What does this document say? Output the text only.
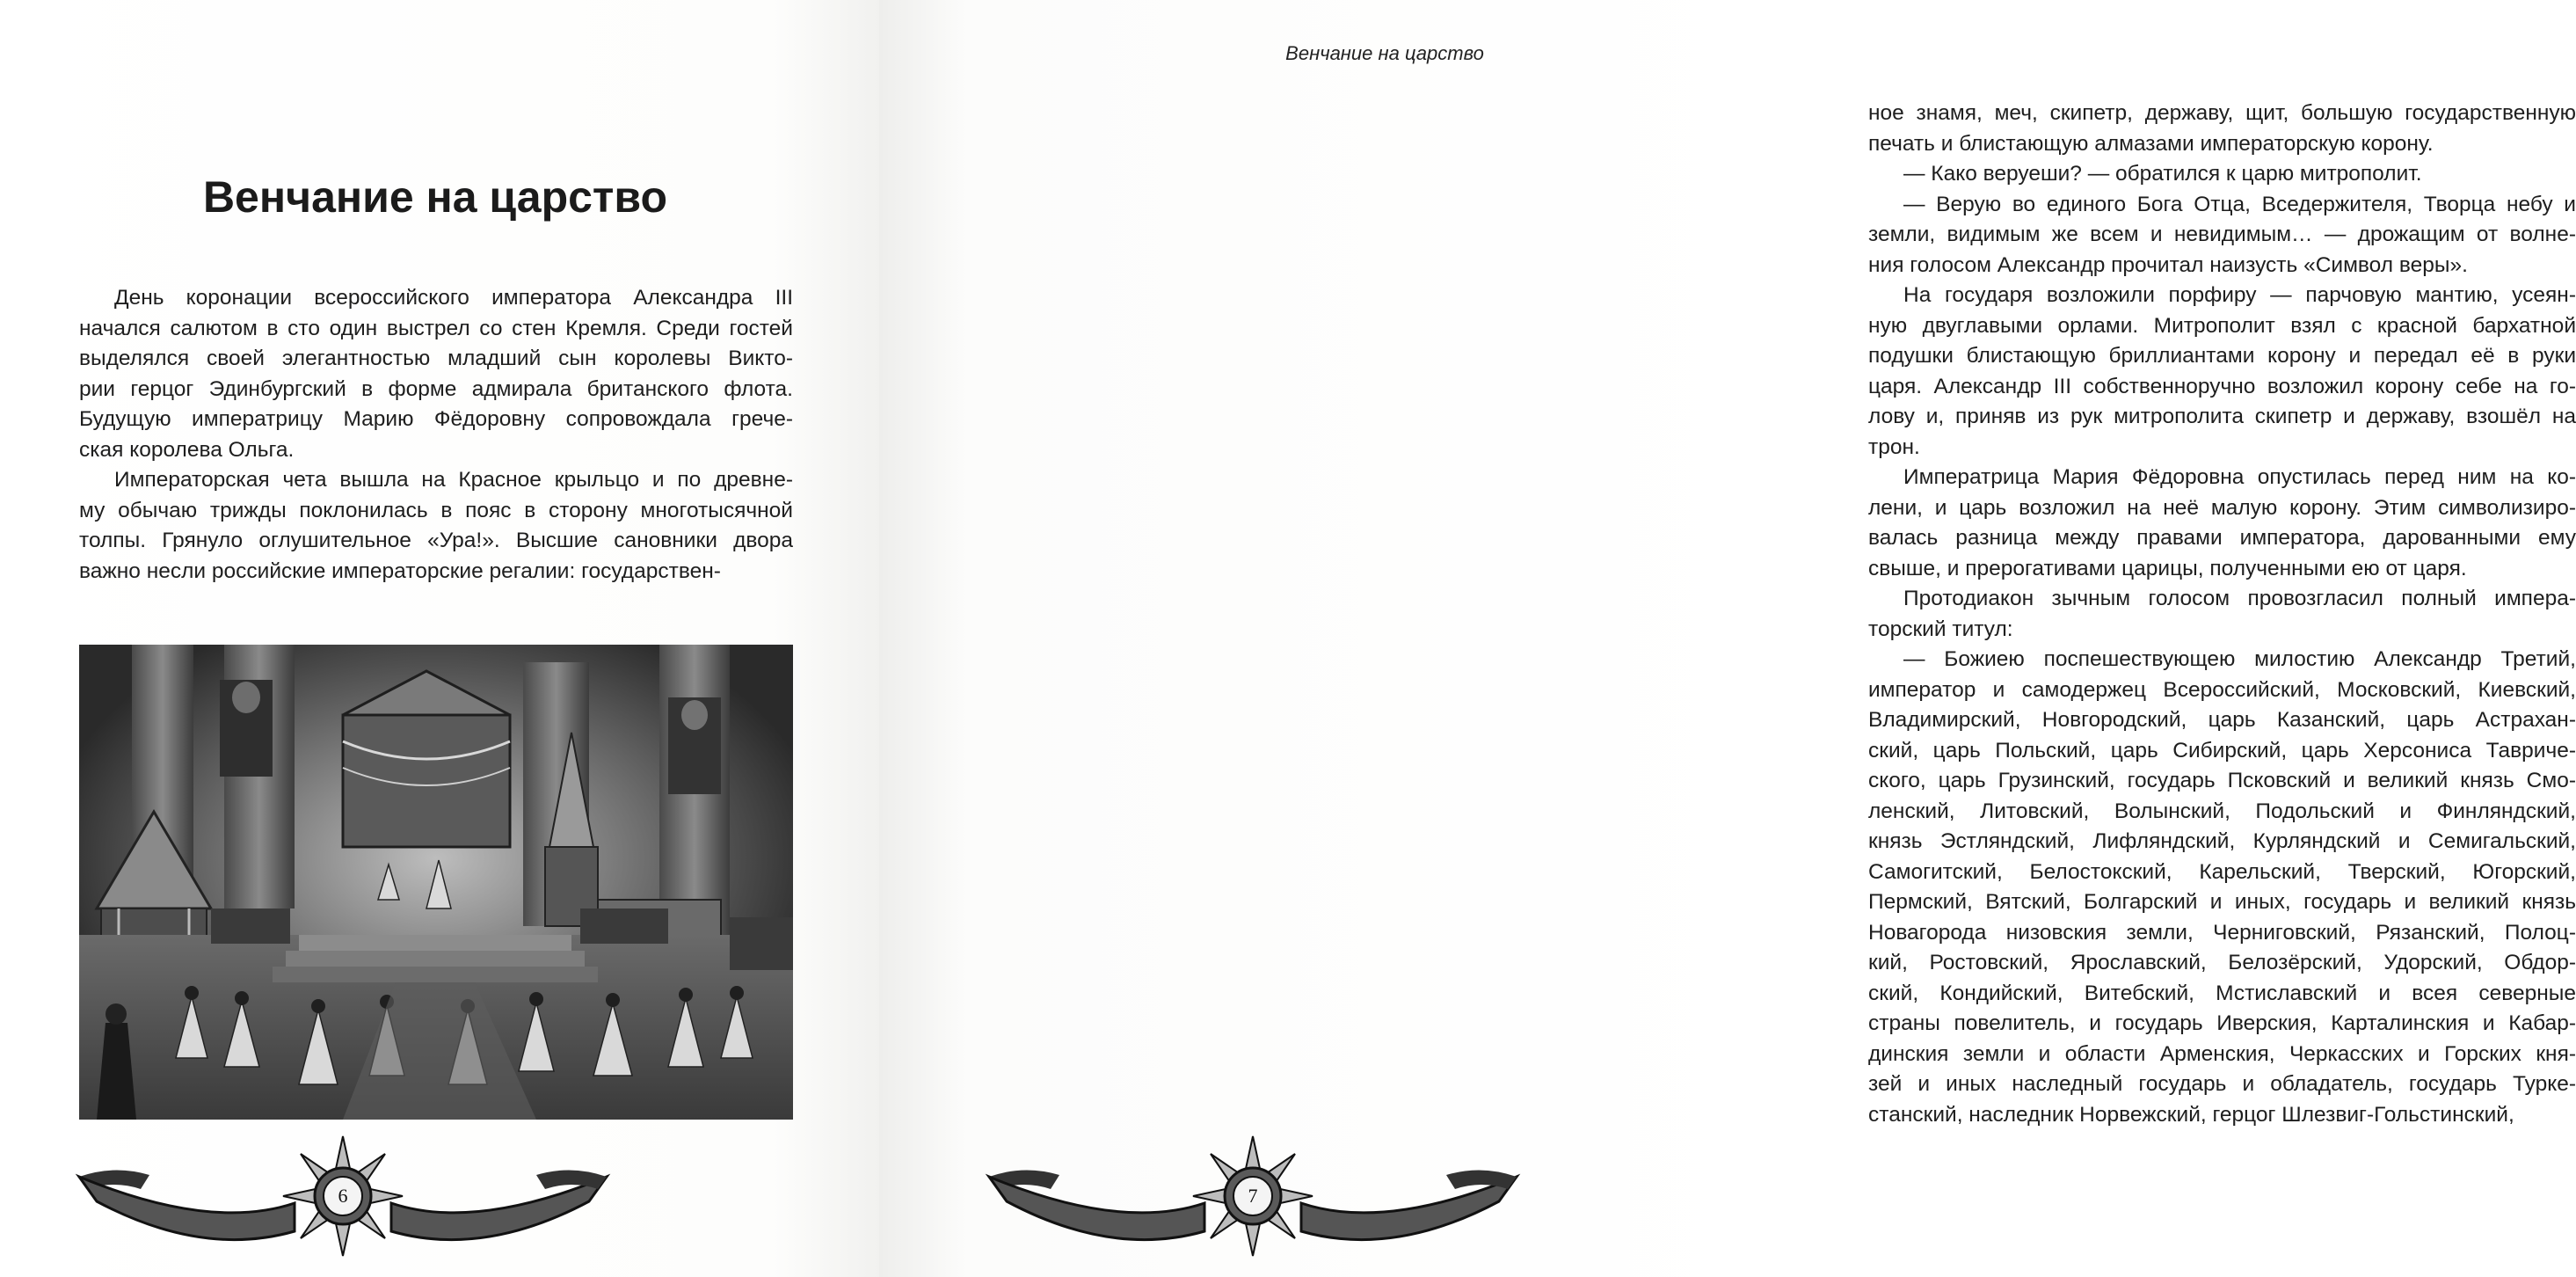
Венчание на царство

День коронации всероссийского императора Александра III
начался салютом в сто один выстрел со стен Кремля. Среди гостей
выделялся своей элегантностью младший сын королевы Викто-
рии герцог Эдинбургский в форме адмирала британского флота.
Будущую императрицу Марию Фёдоровну сопровождала грече-
ская королева Ольга.

Императорская чета вышла на Красное крыльцо и по древне-
му обычаю трижды поклонилась в пояс в сторону многотысячной
толпы. Грянуло оглушительное «Ура!». Высшие сановники двора
важно несли российские императорские регалии: государствен-

6
Венчание на царство

ное знамя, меч, скипетр, державу, щит, большую государственную
печать и блистающую алмазами императорскую корону.

— Како веруеши? — обратился к царю митрополит.

— Верую во единого Бога Отца, Вседержителя, Творца небу и
земли, видимым же всем и невидимым… — дрожащим от волне-
ния голосом Александр прочитал наизусть «Символ веры».

На государя возложили порфиру — парчовую мантию, усеян-
ную двуглавыми орлами. Митрополит взял с красной бархатной
подушки блистающую бриллиантами корону и передал её в руки
царя. Александр III собственноручно возложил корону себе на го-
лову и, приняв из рук митрополита скипетр и державу, взошёл на
трон.

Императрица Мария Фёдоровна опустилась перед ним на ко-
лени, и царь возложил на неё малую корону. Этим символизиро-
валась разница между правами императора, дарованными ему
свыше, и прерогативами царицы, полученными ею от царя.

Протодиакон зычным голосом провозгласил полный импера-
торский титул:

— Божиею поспешествующею милостию Александр Третий,
император и самодержец Всероссийский, Московский, Киевский,
Владимирский, Новгородский, царь Казанский, царь Астрахан-
ский, царь Польский, царь Сибирский, царь Херсониса Тавриче-
ского, царь Грузинский, государь Псковский и великий князь Смо-
ленский, Литовский, Волынский, Подольский и Финляндский,
князь Эстляндский, Лифляндский, Курляндский и Семигальский,
Самогитский, Белостокский, Карельский, Тверский, Югорский,
Пермский, Вятский, Болгарский и иных, государь и великий князь
Новагорода низовския земли, Черниговский, Рязанский, Полоц-
кий, Ростовский, Ярославский, Белозёрский, Удорский, Обдор-
ский, Кондийский, Витебский, Мстиславский и всея северные
страны повелитель, и государь Иверския, Карталинския и Кабар-
динския земли и области Арменския, Черкасских и Горских кня-
зей и иных наследный государь и обладатель, государь Турке-
станский, наследник Норвежский, герцог Шлезвиг-Гольстинский,

7
